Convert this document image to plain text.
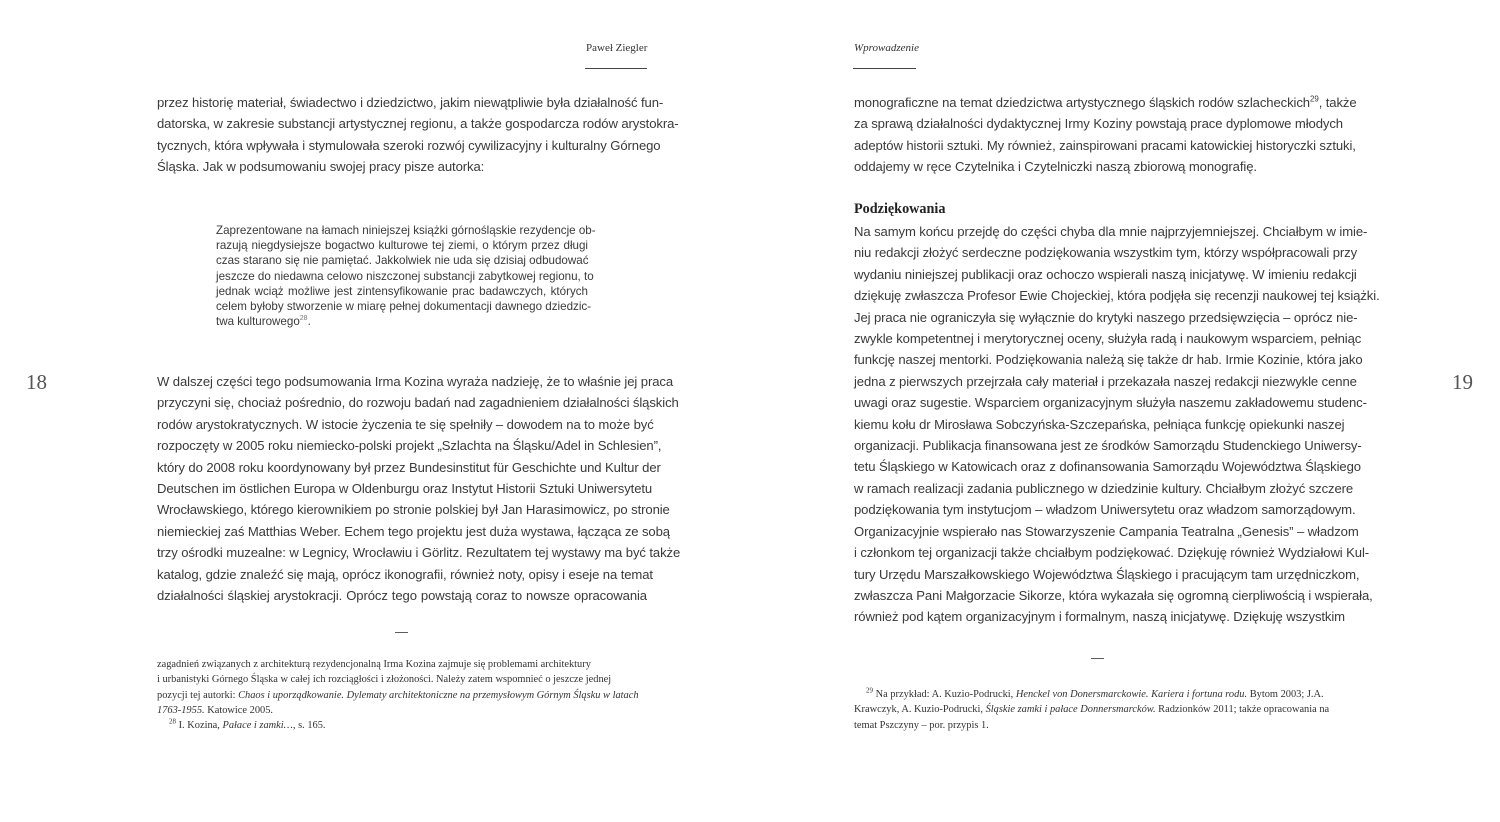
Paweł Ziegler
18

przez historię materiał, świadectwo i dziedzictwo, jakim niewątpliwie była działalność fun-
datorska, w zakresie substancji artystycznej regionu, a także gospodarcza rodów arystokra-
tycznych, która wpływała i stymulowała szeroki rozwój cywilizacyjny i kulturalny Górnego
Śląska. Jak w podsumowaniu swojej pracy pisze autorka:

Zaprezentowane na łamach niniejszej książki górnośląskie rezydencje ob-
razują niegdysiejsze bogactwo kulturowe tej ziemi, o którym przez długi
czas starano się nie pamiętać. Jakkolwiek nie uda się dzisiaj odbudować
jeszcze do niedawna celowo niszczonej substancji zabytkowej regionu, to
jednak wciąż możliwe jest zintensyfikowanie prac badawczych, których
celem byłoby stworzenie w miarę pełnej dokumentacji dawnego dziedzic-
twa kulturowego$^{28}$.

W dalszej części tego podsumowania Irma Kozina wyraża nadzieję, że to właśnie jej praca
przyczyni się, chociaż pośrednio, do rozwoju badań nad zagadnieniem działalności śląskich
rodów arystokratycznych. W istocie życzenia te się spełniły – dowodem na to może być
rozpoczęty w 2005 roku niemiecko-polski projekt „Szlachta na Śląsku/Adel in Schlesien”,
który do 2008 roku koordynowany był przez Bundesinstitut für Geschichte und Kultur der
Deutschen im östlichen Europa w Oldenburgu oraz Instytut Historii Sztuki Uniwersytetu
Wrocławskiego, którego kierownikiem po stronie polskiej był Jan Harasimowicz, po stronie
niemieckiej zaś Matthias Weber. Echem tego projektu jest duża wystawa, łącząca ze sobą
trzy ośrodki muzealne: w Legnicy, Wrocławiu i Görlitz. Rezultatem tej wystawy ma być także
katalog, gdzie znaleźć się mają, oprócz ikonografii, również noty, opisy i eseje na temat
działalności śląskiej arystokracji. Oprócz tego powstają coraz to nowsze opracowania

—
zagadnień związanych z architekturą rezydencjonalną Irma Kozina zajmuje się problemami architektury
i urbanistyki Górnego Śląska w całej ich rozciągłości i złożoności. Należy zatem wspomnieć o jeszcze jednej
pozycji tej autorki: Chaos i uporządkowanie. Dylematy architektoniczne na przemysłowym Górnym Śląsku w latach
1763-1955. Katowice 2005.
$^{28}$ I. Kozina, Pałace i zamki…, s. 165.
Wprowadzenie
19

monograficzne na temat dziedzictwa artystycznego śląskich rodów szlacheckich$^{29}$, także
za sprawą działalności dydaktycznej Irmy Koziny powstają prace dyplomowe młodych
adeptów historii sztuki. My również, zainspirowani pracami katowickiej historyczki sztuki,
oddajemy w ręce Czytelnika i Czytelniczki naszą zbiorową monografię.

Podziękowania

Na samym końcu przejdę do części chyba dla mnie najprzyjemniejszej. Chciałbym w imie-
niu redakcji złożyć serdeczne podziękowania wszystkim tym, którzy współpracowali przy
wydaniu niniejszej publikacji oraz ochoczo wspierali naszą inicjatywę. W imieniu redakcji
dziękuję zwłaszcza Profesor Ewie Chojeckiej, która podjęła się recenzji naukowej tej książki.
Jej praca nie ograniczyła się wyłącznie do krytyki naszego przedsięwzięcia – oprócz nie-
zwykle kompetentnej i merytorycznej oceny, służyła radą i naukowym wsparciem, pełniąc
funkcję naszej mentorki. Podziękowania należą się także dr hab. Irmie Kozinie, która jako
jedna z pierwszych przejrzała cały materiał i przekazała naszej redakcji niezwykle cenne
uwagi oraz sugestie. Wsparciem organizacyjnym służyła naszemu zakładowemu studenc-
kiemu kołu dr Mirosława Sobczyńska-Szczepańska, pełniąca funkcję opiekunki naszej
organizacji. Publikacja finansowana jest ze środków Samorządu Studenckiego Uniwersy-
tetu Śląskiego w Katowicach oraz z dofinansowania Samorządu Województwa Śląskiego
w ramach realizacji zadania publicznego w dziedzinie kultury. Chciałbym złożyć szczere
podziękowania tym instytucjom – władzom Uniwersytetu oraz władzom samorządowym.
Organizacyjnie wspierało nas Stowarzyszenie Campania Teatralna „Genesis” – władzom
i członkom tej organizacji także chciałbym podziękować. Dziękuję również Wydziałowi Kul-
tury Urzędu Marszałkowskiego Województwa Śląskiego i pracującym tam urzędniczkom,
zwłaszcza Pani Małgorzacie Sikorze, która wykazała się ogromną cierpliwością i wspierała,
również pod kątem organizacyjnym i formalnym, naszą inicjatywę. Dziękuję wszystkim

—
$^{29}$ Na przykład: A. Kuzio-Podrucki, Henckel von Donersmarckowie. Kariera i fortuna rodu. Bytom 2003; J.A.
Krawczyk, A. Kuzio-Podrucki, Śląskie zamki i pałace Donnersmarcków. Radzionków 2011; także opracowania na
temat Pszczyny – por. przypis 1.
